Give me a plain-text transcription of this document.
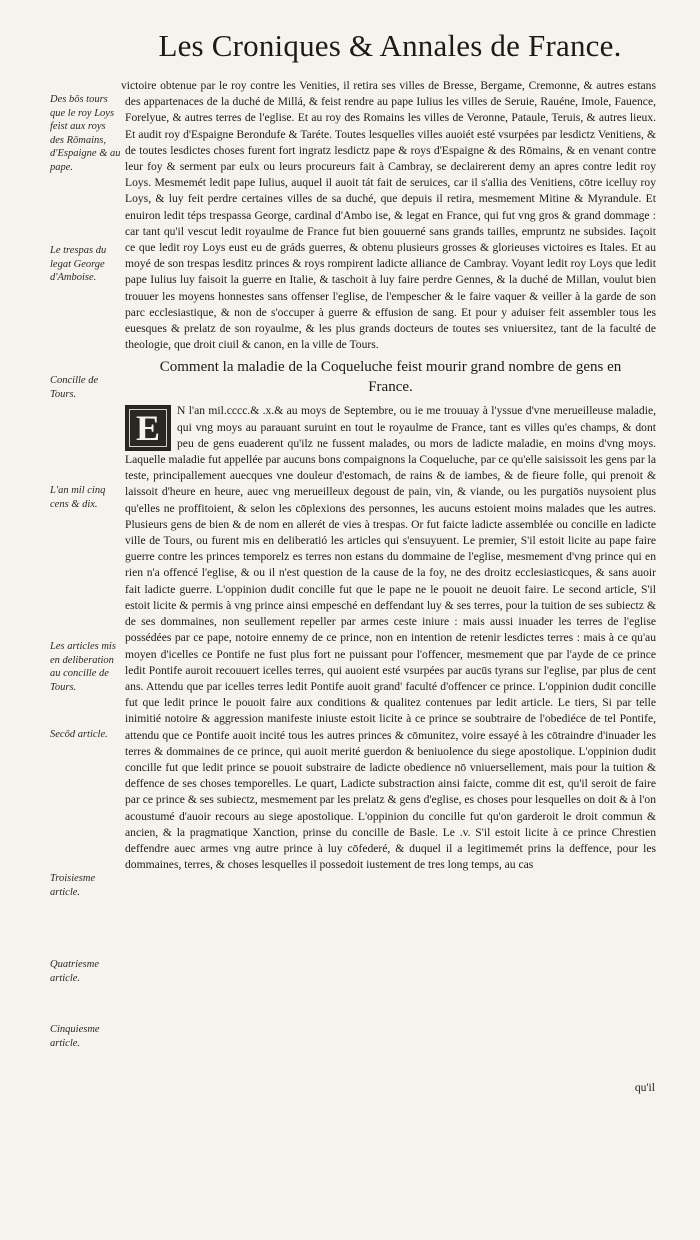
Les Croniques & Annales de France.
Des bōs tours que le roy Loys feist aux roys des Rōmains, d'Espaigne & au pape.
Le trespas du legat George d'Amboise.
Concille de Tours.
L'an mil cinq cens & dix.
Les articles mis en deliberation au concille de Tours.
Secōd article.
Troisiesme article.
Quatriesme article.
Cinquiesme article.

victoire obtenue par le roy contre les Venities, il retira ses villes de Bresse, Bergame, Cremonne, & autres estans des appartenaces de la duché de Millá, & feist rendre au pape Iulius les villes de Seruie, Rauéne, Imole, Fauence, Forelyue, & autres terres de l'eglise. Et au roy des Romains les villes de Veronne, Pataule, Teruis, & autres lieux. Et audit roy d'Espaigne Berondufe & Taréte. Toutes lesquelles villes auoiét esté vsurpées par lesdictz Venitiens, & de toutes lesdictes choses furent fort ingratz lesdictz pape & roys d'Espaigne & des Rōmains, & en venant contre leur foy & serment par eulx ou leurs procureurs fait à Cambray, se declairerent demy an apres contre ledit roy Loys. Mesmemét ledit pape Iulius, auquel il auoit tát fait de seruices, car il s'allia des Venitiens, cōtre icelluy roy Loys, & luy feit perdre certaines villes de sa duché, que depuis il retira, mesmement Mitine & Myrandule. Et enuiron ledit téps trespassa George, cardinal d'Ambo ise, & legat en France, qui fut vng gros & grand dommage : car tant qu'il vescut ledit royaulme de France fut bien gouuerné sans grands tailles, empruntz ne subsides. Iaçoit ce que ledit roy Loys eust eu de gráds guerres, & obtenu plusieurs grosses & glorieuses victoires es Itales. Et au moyé de son trespas lesditz princes & roys rompirent ladicte alliance de Cambray. Voyant ledit roy Loys que ledit pape Iulius luy faisoit la guerre en Italie, & taschoit à luy faire perdre Gennes, & la duché de Millan, voulut bien trouuer les moyens honnestes sans offenser l'eglise, de l'empescher & le faire vaquer & veiller à la garde de son parc ecclesiastique, & non de s'occuper à guerre & effusion de sang. Et pour y aduiser feit assembler tous les euesques & prelatz de son royaulme, & les plus grands docteurs de toutes ses vniuersitez, tant de la faculté de theologie, que droit ciuil & canon, en la ville de Tours.

Comment la maladie de la Coqueluche feist mourir grand nombre de gens en France.
E	N l'an mil.cccc.& .x.& au moys de Septembre, ou ie me trouuay à l'yssue d'vne merueilleuse maladie, qui vng moys au parauant suruint en tout le royaulme de France, tant es villes qu'es champs, & dont peu de gens euaderent qu'ilz ne fussent malades, ou mors de ladicte maladie, en moins d'vng moys. Laquelle maladie fut appellée par aucuns bons compaignons la Coqueluche, par ce qu'elle saisissoit les gens par la teste, principallement auecques vne douleur d'estomach, de rains & de iambes, & de fieure folle, qui prenoit & laissoit d'heure en heure, auec vng merueilleux degoust de pain, vin, & viande, ou les purgatiōs nuysoient plus qu'elles ne proffitoient, & selon les cōplexions des personnes, les aucuns estoient moins malades que les autres. Plusieurs gens de bien & de nom en allerét de vies à trespas. Or fut faicte ladicte assemblée ou concille en ladicte ville de Tours, ou furent mis en deliberatió les articles qui s'ensuyuent. Le premier, S'il estoit licite au pape faire guerre contre les princes temporelz es terres non estans du dommaine de l'eglise, mesmement d'vng prince qui en rien n'a offencé l'eglise, & ou il n'est question de la cause de la foy, ne des droitz ecclesiasticques, & sans auoir fait ladicte guerre. L'oppinion dudit concille fut que le pape ne le pouoit ne deuoit faire. Le second article, S'il estoit licite & permis à vng prince ainsi empesché en deffendant luy & ses terres, pour la tuition de ses subiectz & de ses dommaines, non seullement repeller par armes ceste iniure : mais aussi inuader les terres de l'eglise possédées par ce pape, notoire ennemy de ce prince, non en intention de retenir lesdictes terres : mais à ce qu'au moyen d'icelles ce Pontife ne fust plus fort ne puissant pour l'offencer, mesmement que par l'ayde de ce prince ledit Pontife auroit recouuert icelles terres, qui auoient esté vsurpées par aucūs tyrans sur l'eglise, par plus de cent ans. Attendu que par icelles terres ledit Pontife auoit grand' faculté d'offencer ce prince. L'oppinion dudit concille fut que ledit prince le pouoit faire aux conditions & qualitez contenues par ledit article. Le tiers, Si par telle inimitié notoire & aggression manifeste iniuste estoit licite à ce prince se soubtraire de l'obediéce de tel Pontife, attendu que ce Pontife auoit incité tous les autres princes & cōmunitez, voire essayé à les cōtraindre d'inuader les terres & dommaines de ce prince, qui auoit merité guerdon & beniuolence du siege apostolique. L'oppinion dudit concille fut que ledit prince se pouoit substraire de ladicte obedience nō vniuersellement, mais pour la tuition & deffence de ses choses temporelles. Le quart, Ladicte substraction ainsi faicte, comme dit est, qu'il seroit de faire par ce prince & ses subiectz, mesmement par les prelatz & gens d'eglise, es choses pour lesquelles on doit & à l'on acoustumé d'auoir recours au siege apostolique. L'oppinion du concille fut qu'on garderoit le droit commun & ancien, & la pragmatique Xanction, prinse du concille de Basle. Le .v. S'il estoit licite à ce prince Chrestien deffendre auec armes vng autre prince à luy cōfederé, & duquel il a legitimemét prins la deffence, pour les dommaines, terres, & choses lesquelles il possedoit iustement de tres long temps, au cas
qu'il
